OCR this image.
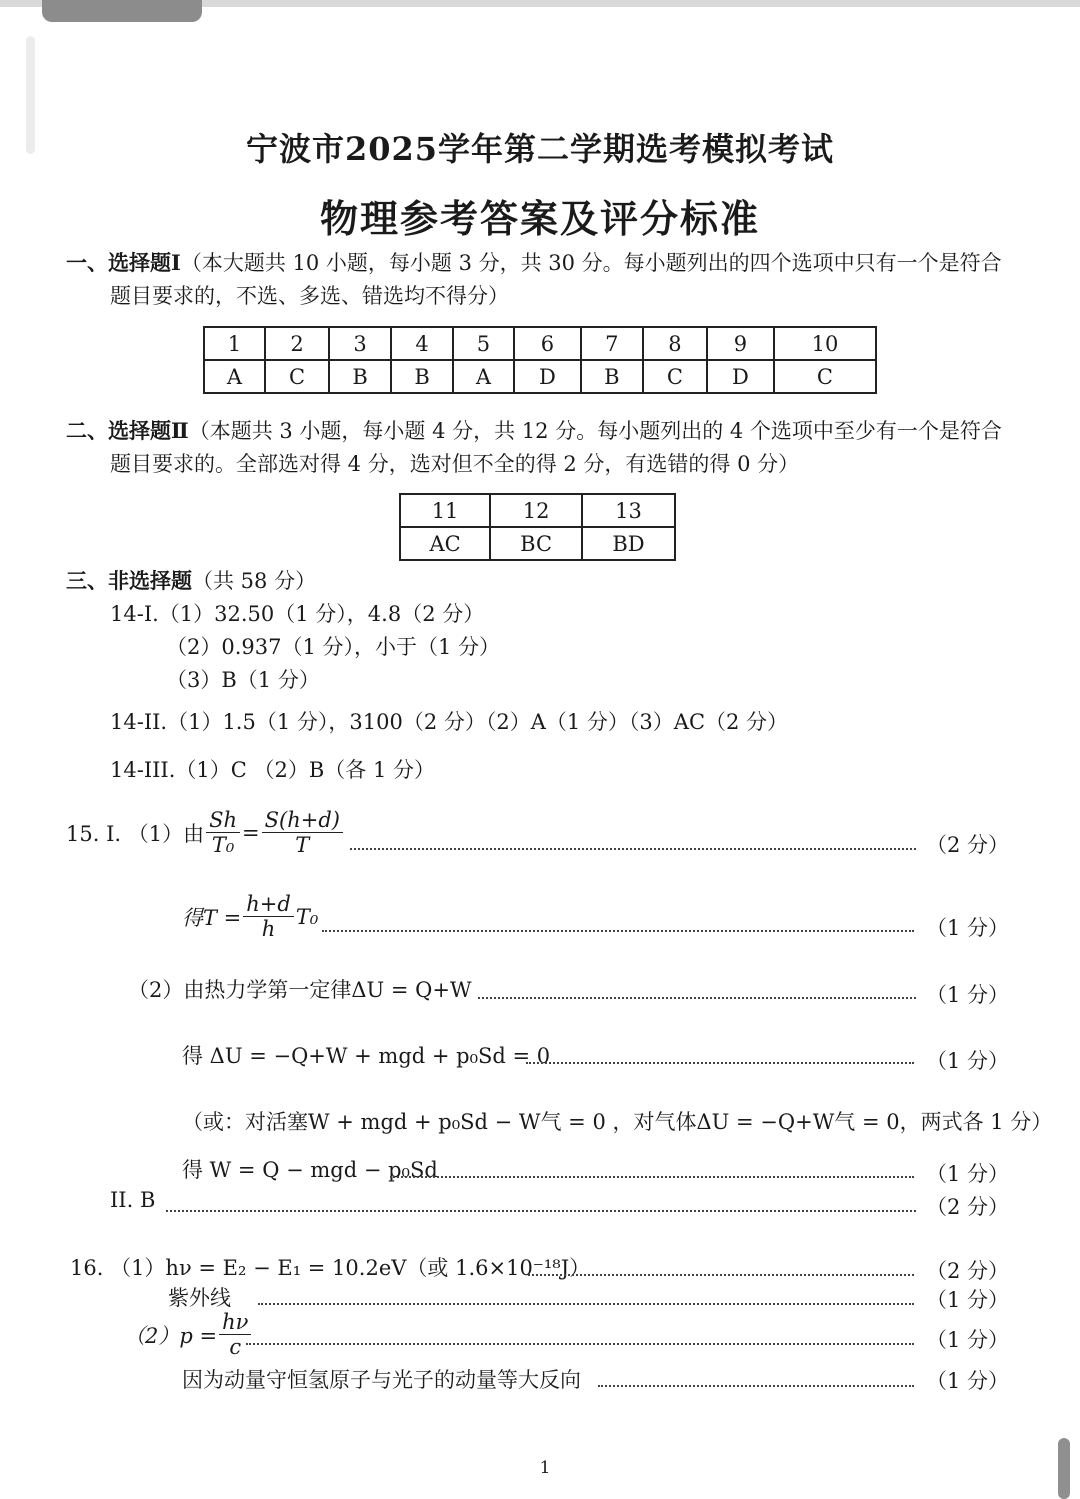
宁波市2025学年第二学期选考模拟考试
物理参考答案及评分标准
一、选择题Ⅰ（本大题共 10 小题，每小题 3 分，共 30 分。每小题列出的四个选项中只有一个是符合
题目要求的，不选、多选、错选均不得分）
1	2	3	4	5	6	7	8	9	10
A	C	B	B	A	D	B	C	D	C
二、选择题Ⅱ（本题共 3 小题，每小题 4 分，共 12 分。每小题列出的 4 个选项中至少有一个是符合
题目要求的。全部选对得 4 分，选对但不全的得 2 分，有选错的得 0 分）
11	12	13
AC	BC	BD
三、非选择题（共 58 分）
14-I.（1）32.50（1 分），4.8（2 分）
（2）0.937（1 分），小于（1 分）
（3）B（1 分）
14-II.（1）1.5（1 分），3100（2 分）（2）A（1 分）（3）AC（2 分）
14-III.（1）C （2）B（各 1 分）
15. I. （1）由 $\frac{Sh}{\text{T₀}} = \frac{S(h+d)}{T}$	（2 分）
得$T = \frac{h+d}{h} T_0$	（1 分）
（2）由热力学第一定律ΔU = Q+W	（1 分）
得 ΔU = −Q+W + mgd + p₀Sd = 0	（1 分）
（或：对活塞W + mgd + p₀Sd − W气 = 0 ，对气体ΔU = −Q+W气 = 0，两式各 1 分）
得 W = Q − mgd − p₀Sd	（1 分）
II. B	（2 分）
16. （1）hν = E₂ − E₁ = 10.2eV（或 1.6×10⁻¹⁸J）	（2 分）
紫外线	（1 分）
$(2)p = \frac{h\nu}{c}$	（1 分）
因为动量守恒氢原子与光子的动量等大反向	（1 分）
1
